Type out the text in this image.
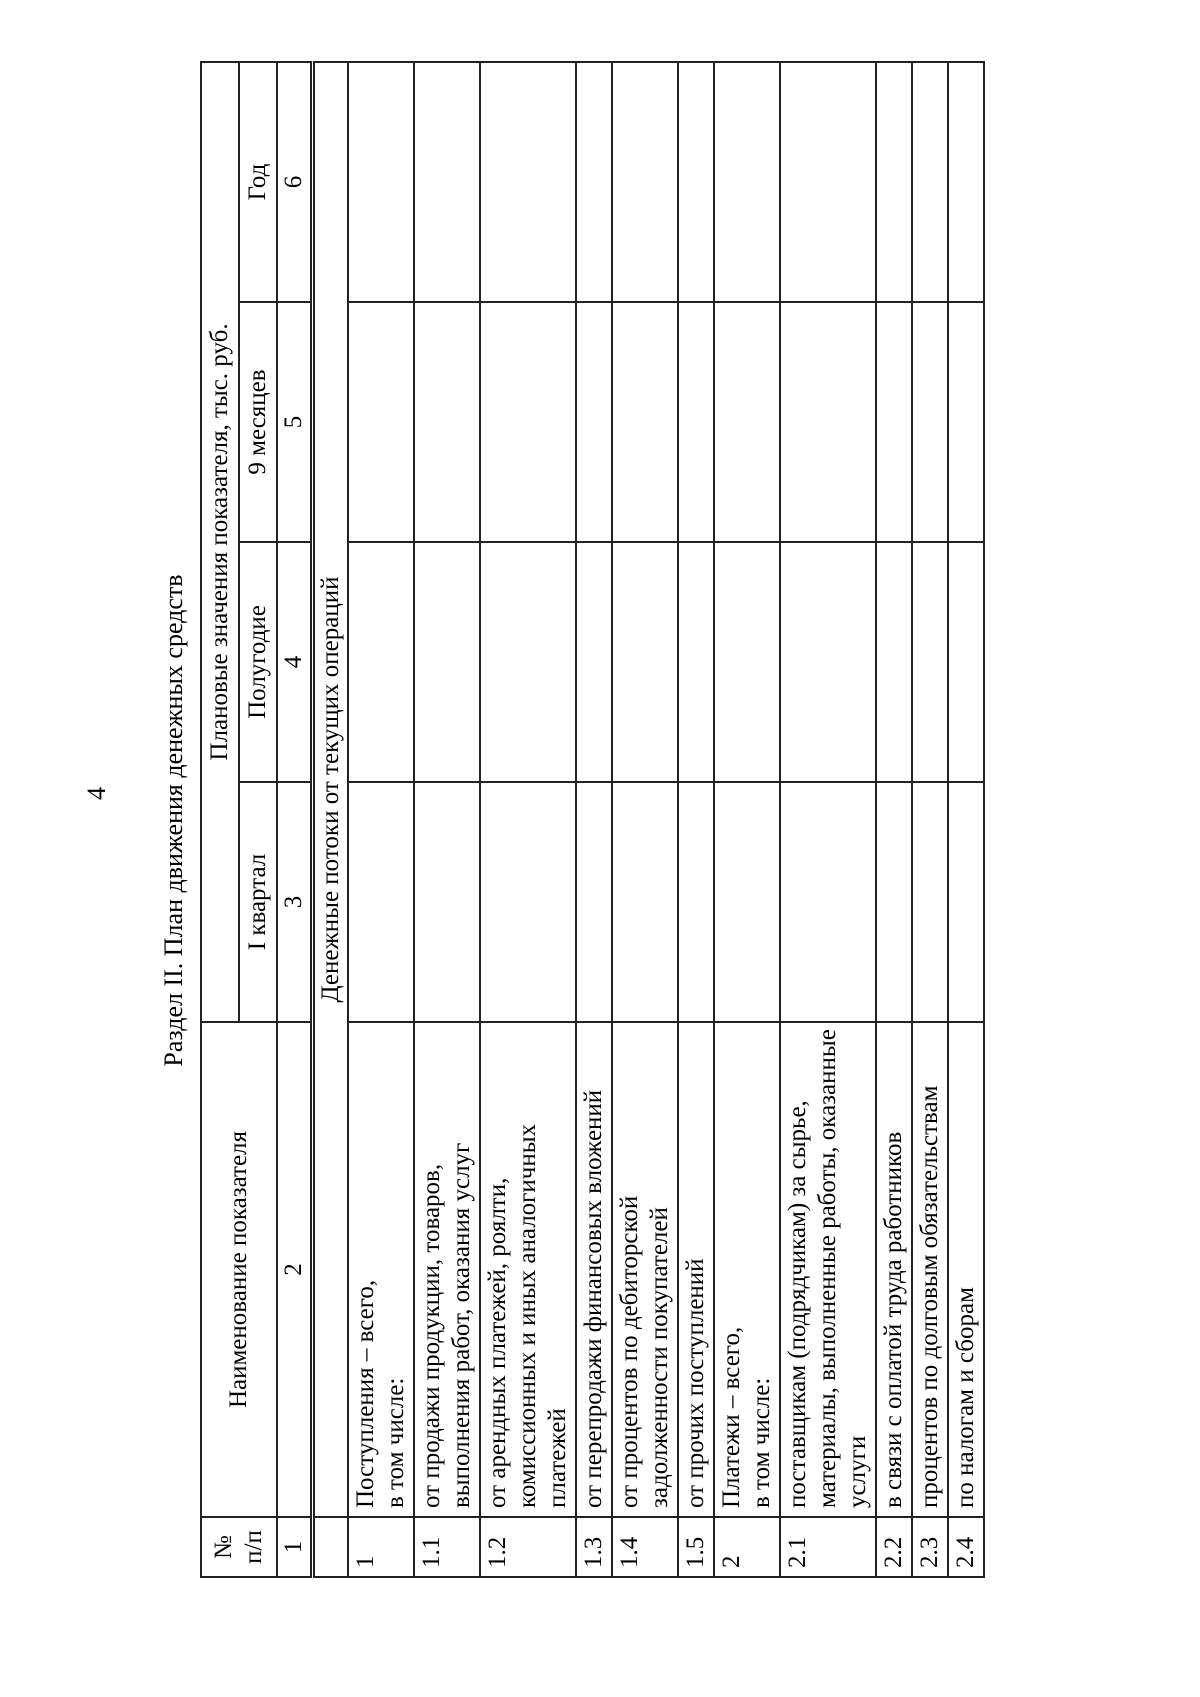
4 Раздел II. План движения денежных средств
№ п/п	Наименование показателя	Плановые значения показателя, тыс. руб.			
		I квартал	Полугодие	9 месяцев	Год
1	2	3	4	5	6
	Денежные потоки от текущих операций				
1	Поступления – всего,
в том числе:				
1.1	от продажи продукции, товаров, выполнения работ, оказания услуг				
1.2	от арендных платежей, роялти, комиссионных и иных аналогичных платежей				
1.3	от перепродажи финансовых вложений				
1.4	от процентов по дебиторской задолженности покупателей				
1.5	от прочих поступлений				
2	Платежи – всего,
в том числе:				
2.1	поставщикам (подрядчикам) за сырье, материалы, выполненные работы, оказанные услуги				
2.2	в связи с оплатой труда работников				
2.3	процентов по долговым обязательствам				
2.4	по налогам и сборам				
